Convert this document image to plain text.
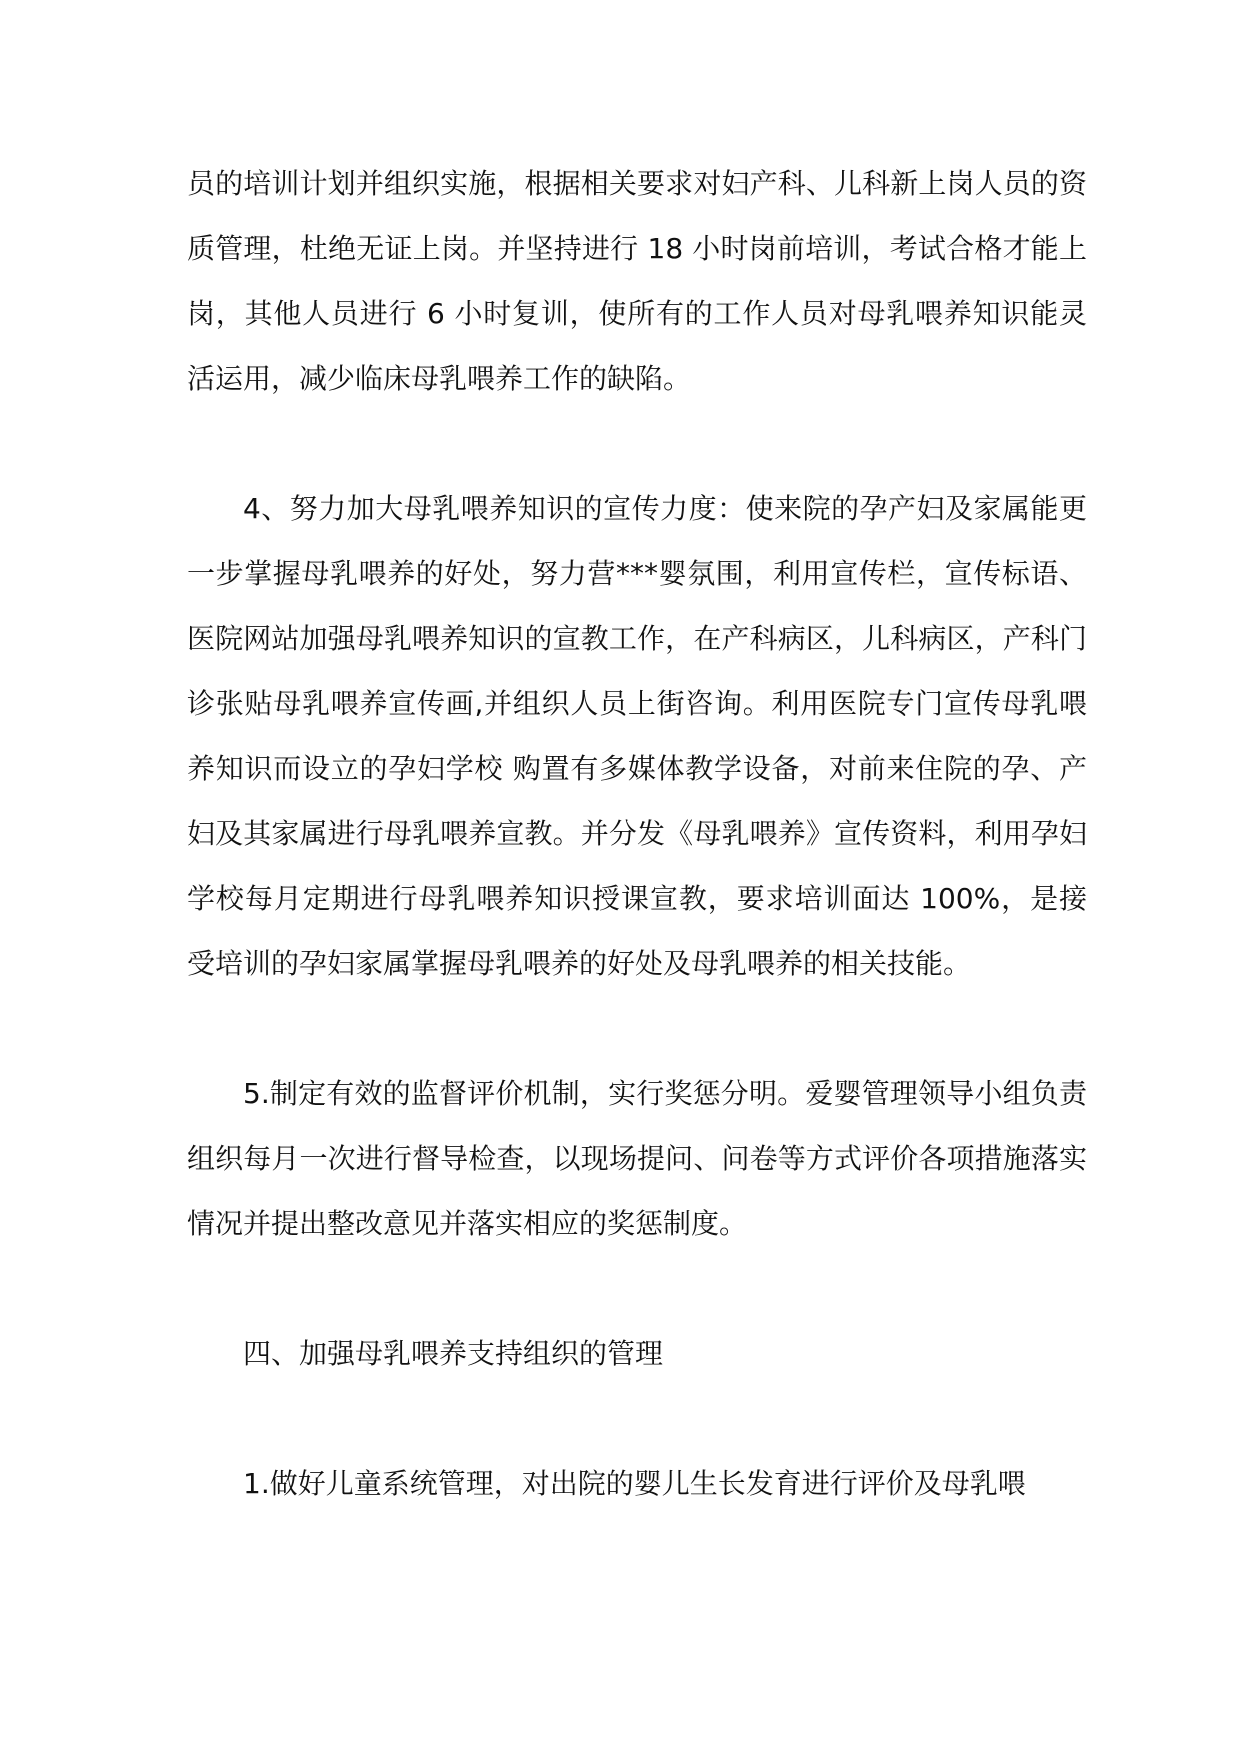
员的培训计划并组织实施，根据相关要求对妇产科、儿科新上岗人员的资质管理，杜绝无证上岗。并坚持进行 18 小时岗前培训，考试合格才能上岗，其他人员进行 6 小时复训，使所有的工作人员对母乳喂养知识能灵活运用，减少临床母乳喂养工作的缺陷。

4、努力加大母乳喂养知识的宣传力度：使来院的孕产妇及家属能更一步掌握母乳喂养的好处，努力营***婴氛围，利用宣传栏，宣传标语、医院网站加强母乳喂养知识的宣教工作，在产科病区，儿科病区，产科门诊张贴母乳喂养宣传画,并组织人员上街咨询。利用医院专门宣传母乳喂养知识而设立的孕妇学校 购置有多媒体教学设备，对前来住院的孕、产妇及其家属进行母乳喂养宣教。并分发《母乳喂养》宣传资料，利用孕妇学校每月定期进行母乳喂养知识授课宣教，要求培训面达 100%，是接受培训的孕妇家属掌握母乳喂养的好处及母乳喂养的相关技能。

5.制定有效的监督评价机制，实行奖惩分明。爱婴管理领导小组负责组织每月一次进行督导检查，以现场提问、问卷等方式评价各项措施落实情况并提出整改意见并落实相应的奖惩制度。

四、加强母乳喂养支持组织的管理

1.做好儿童系统管理，对出院的婴儿生长发育进行评价及母乳喂
